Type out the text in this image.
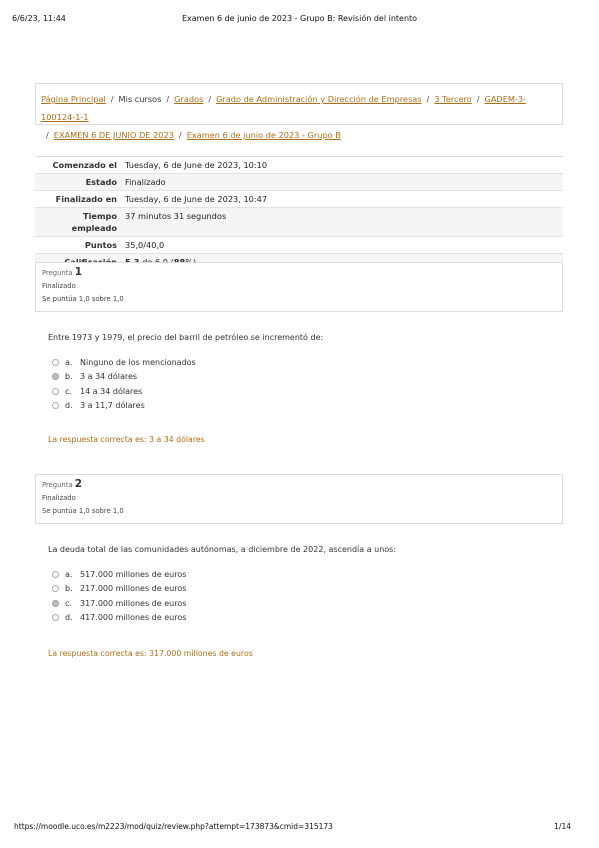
6/6/23, 11:44	Examen 6 de junio de 2023 - Grupo B: Revisión del intento
Página Principal / Mis cursos / Grados / Grado de Administración y Dirección de Empresas / 3 Tercero / GADEM-3-100124-1-1
/ EXAMEN 6 DE JUNIO DE 2023 / Examen 6 de junio de 2023 - Grupo B
Comenzado el	Tuesday, 6 de June de 2023, 10:10
Estado	Finalizado
Finalizado en	Tuesday, 6 de June de 2023, 10:47
Tiempo empleado	37 minutos 31 segundos
Puntos	35,0/40,0

Pregunta 1
Finalizado
Se puntúa 1,0 sobre 1,0
Entre 1973 y 1979, el precio del barril de petróleo se incrementó de:
a. Ninguno de los mencionados
b. 3 a 34 dólares
c.	14 a 34 dólares
d. 3 a 11,7 dólares
La respuesta correcta es: 3 a 34 dólares
Pregunta 2
Finalizado
Se puntúa 1,0 sobre 1,0
La deuda total de las comunidades autónomas, a diciembre de 2022, ascendía a unos:
a. 517.000 millones de euros
b. 217.000 millones de euros
c.	317.000 millones de euros
d. 417.000 millones de euros
La respuesta correcta es: 317.000 millones de euros
https://moodle.uco.es/m2223/mod/quiz/review.php?attempt=173873&cmid=315173	1/14
